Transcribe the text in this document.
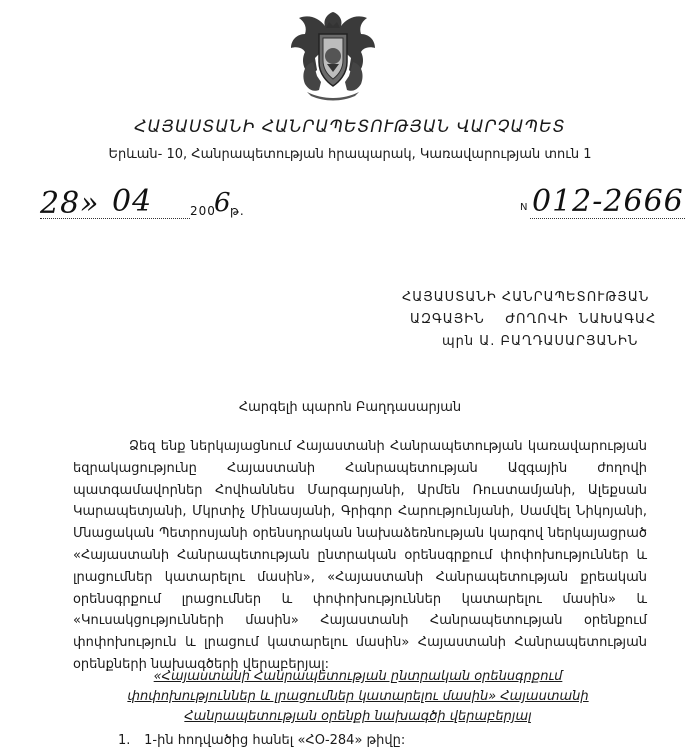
ՀԱՅԱՍՏԱՆԻ ՀԱՆՐԱՊԵՏՈՒԹՅԱՆ ՎԱՐՉԱՊԵՏ
Երևան- 10, Հանրապետության հրապարակ, Կառավարության տուն 1
28» 04	200
6
թ.	N 012-2666
ՀԱՅԱՍՏԱՆԻ ՀԱՆՐԱՊԵՏՈՒԹՅԱՆ
ԱԶԳԱՅԻՆ    ԺՈՂՈՎԻ  ՆԱԽԱԳԱՀ
պրն Ա. ԲԱՂԴԱՍԱՐՅԱՆԻՆ
Հարգելի պարոն Բաղդասարյան
Ձեզ ենք ներկայացնում Հայաստանի Հանրապետության կառավարության եզրակացությունը Հայաստանի Հանրապետության Ազգային ժողովի պատգամավորներ Հովհաննես Մարգարյանի, Արմեն Ռուստամյանի, Ալեքսան Կարապետյանի, Մկրտիչ Մինասյանի, Գրիգոր Հարությունյանի, Սամվել Նիկոյանի, Մնացական Պետրոսյանի օրենսդրական նախաձեռնության կարգով ներկայացրած «Հայաստանի Հանրապետության ընտրական օրենսգրքում փոփոխություններ և լրացումներ կատարելու մասին», «Հայաստանի Հանրապետության քրեական օրենսգրքում լրացումներ և փոփոխություններ կատարելու մասին» և «Կուսակցությունների մասին» Հայաստանի Հանրապետության օրենքում փոփոխություն և լրացում կատարելու մասին» Հայաստանի Հանրապետության օրենքների նախագծերի վերաբերյալ:
«Հայաստանի Հանրապետության ընտրական օրենսգրքում փոփոխություններ և լրացումներ կատարելու մասին» Հայաստանի Հանրապետության օրենքի նախագծի վերաբերյալ
1. 1-ին հոդվածից հանել «ՀՕ-284» թիվը:
